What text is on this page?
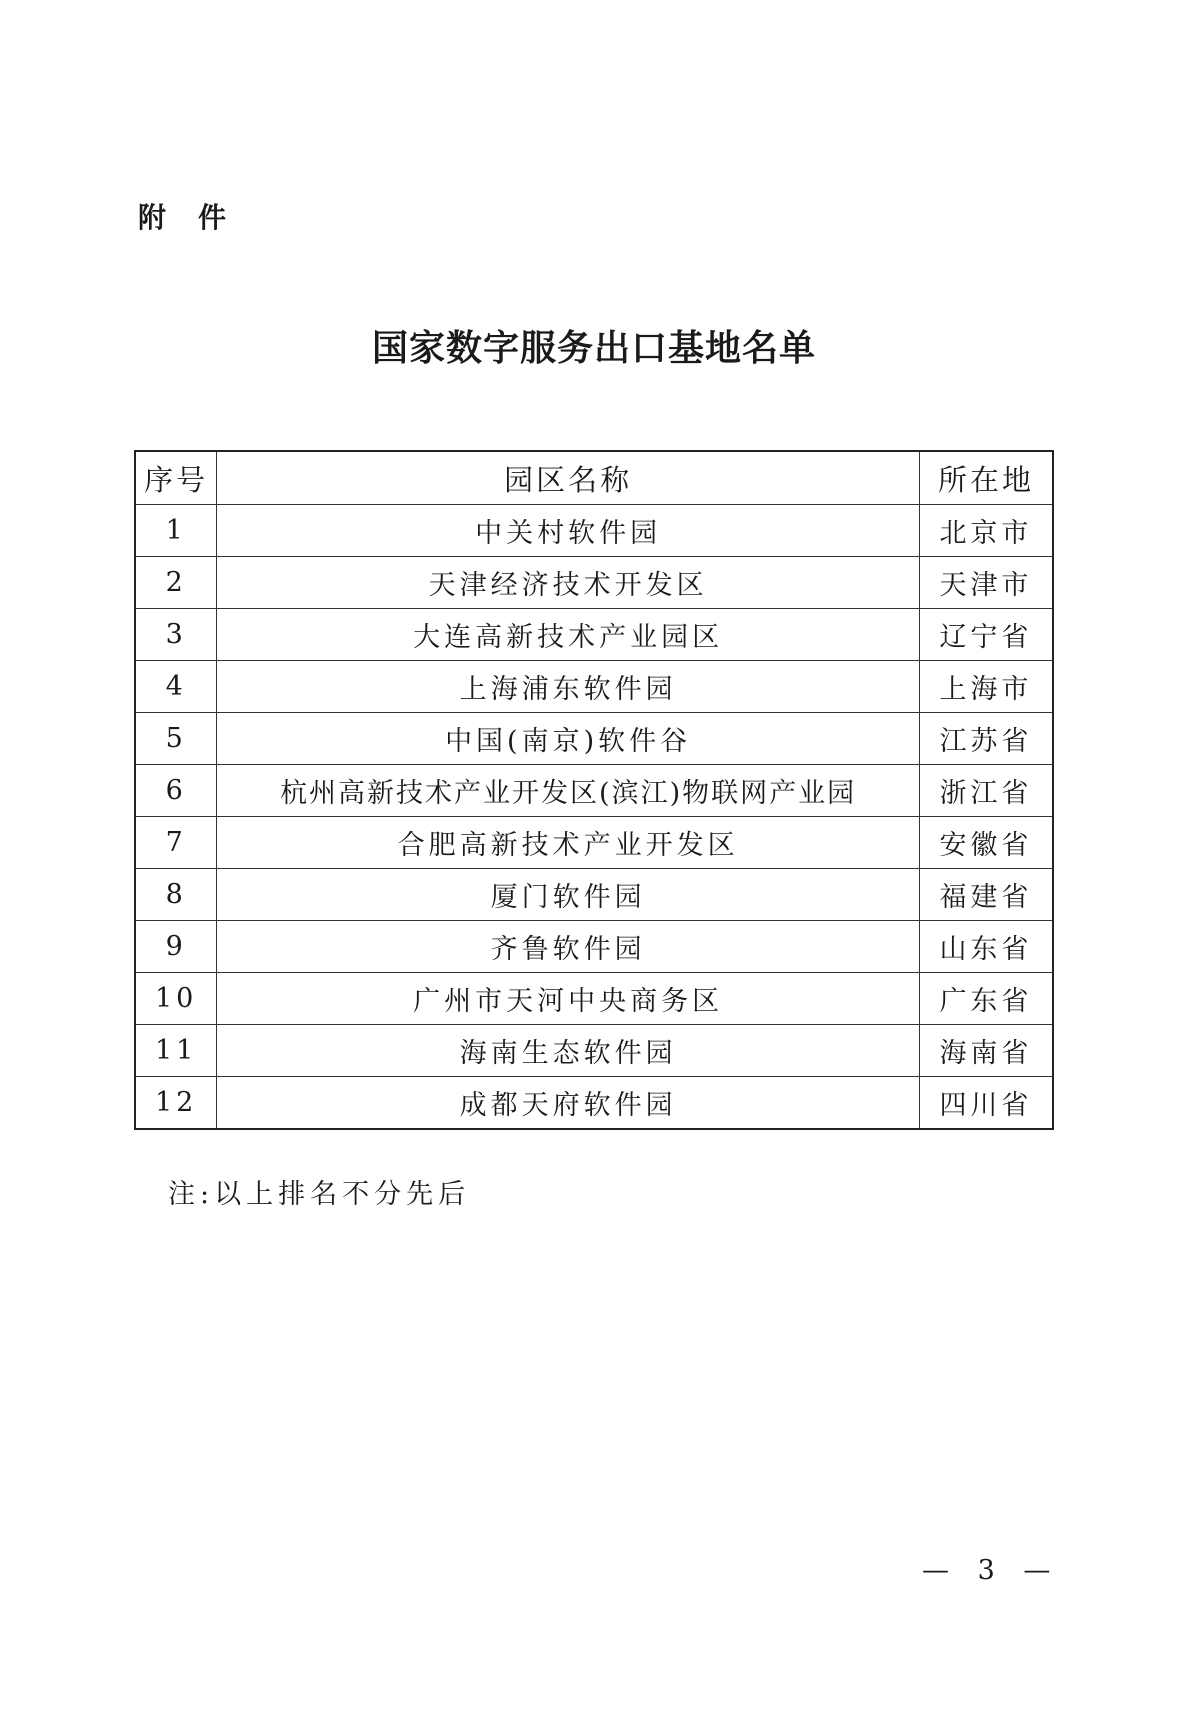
附件
国家数字服务出口基地名单
序号	园区名称	所在地
1	中关村软件园	北京市
2	天津经济技术开发区	天津市
3	大连高新技术产业园区	辽宁省
4	上海浦东软件园	上海市
5	中国(南京)软件谷	江苏省
6	杭州高新技术产业开发区(滨江)物联网产业园	浙江省
7	合肥高新技术产业开发区	安徽省
8	厦门软件园	福建省
9	齐鲁软件园	山东省
10	广州市天河中央商务区	广东省
11	海南生态软件园	海南省
12	成都天府软件园	四川省
注:以上排名不分先后
— 3 —
